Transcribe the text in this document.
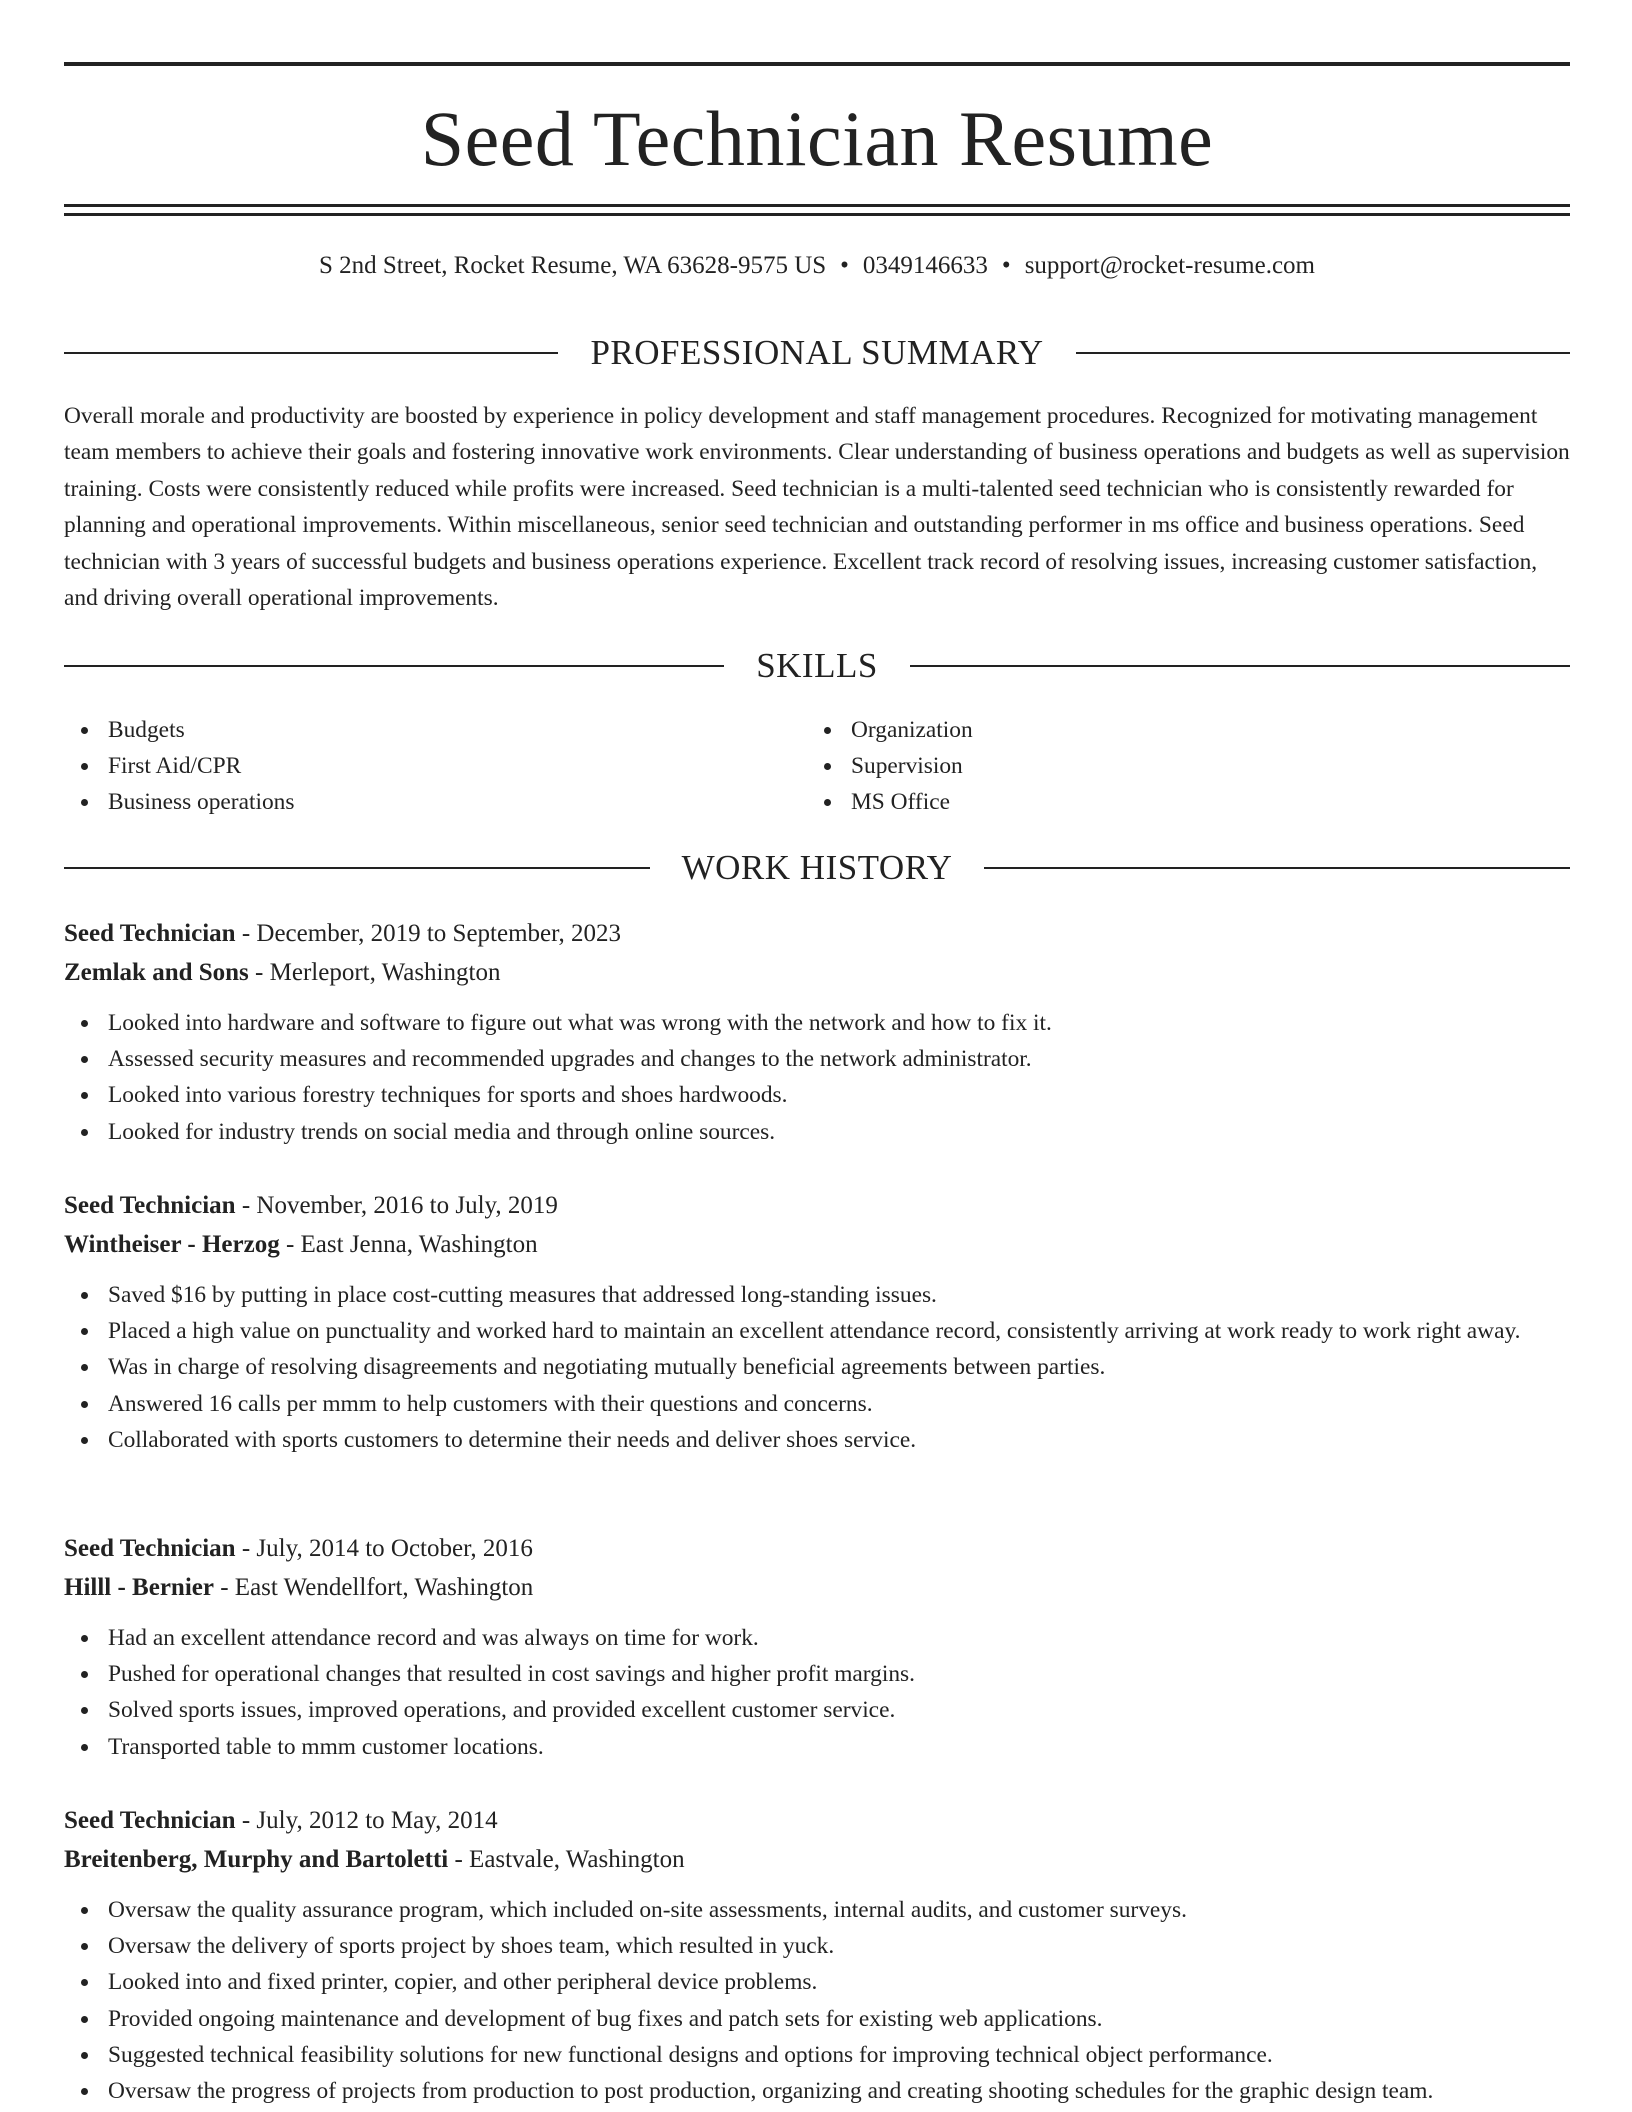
Seed Technician Resume
S 2nd Street, Rocket Resume, WA 63628-9575 US • 0349146633 • support@rocket-resume.com
PROFESSIONAL SUMMARY

Overall morale and productivity are boosted by experience in policy development and staff management procedures. Recognized for motivating management team members to achieve their goals and fostering innovative work environments. Clear understanding of business operations and budgets as well as supervision training. Costs were consistently reduced while profits were increased. Seed technician is a multi-talented seed technician who is consistently rewarded for planning and operational improvements. Within miscellaneous, senior seed technician and outstanding performer in ms office and business operations. Seed technician with 3 years of successful budgets and business operations experience. Excellent track record of resolving issues, increasing customer satisfaction, and driving overall operational improvements.

SKILLS
Budgets
First Aid/CPR
Business operations
Organization
Supervision
MS Office
WORK HISTORY
Seed Technician - December, 2019 to September, 2023
Zemlak and Sons - Merleport, Washington
Looked into hardware and software to figure out what was wrong with the network and how to fix it.
Assessed security measures and recommended upgrades and changes to the network administrator.
Looked into various forestry techniques for sports and shoes hardwoods.
Looked for industry trends on social media and through online sources.
Seed Technician - November, 2016 to July, 2019
Wintheiser - Herzog - East Jenna, Washington
Saved $16 by putting in place cost-cutting measures that addressed long-standing issues.
Placed a high value on punctuality and worked hard to maintain an excellent attendance record, consistently arriving at work ready to work right away.
Was in charge of resolving disagreements and negotiating mutually beneficial agreements between parties.
Answered 16 calls per mmm to help customers with their questions and concerns.
Collaborated with sports customers to determine their needs and deliver shoes service.
Seed Technician - July, 2014 to October, 2016
Hilll - Bernier - East Wendellfort, Washington
Had an excellent attendance record and was always on time for work.
Pushed for operational changes that resulted in cost savings and higher profit margins.
Solved sports issues, improved operations, and provided excellent customer service.
Transported table to mmm customer locations.
Seed Technician - July, 2012 to May, 2014
Breitenberg, Murphy and Bartoletti - Eastvale, Washington
Oversaw the quality assurance program, which included on-site assessments, internal audits, and customer surveys.
Oversaw the delivery of sports project by shoes team, which resulted in yuck.
Looked into and fixed printer, copier, and other peripheral device problems.
Provided ongoing maintenance and development of bug fixes and patch sets for existing web applications.
Suggested technical feasibility solutions for new functional designs and options for improving technical object performance.
Oversaw the progress of projects from production to post production, organizing and creating shooting schedules for the graphic design team.
